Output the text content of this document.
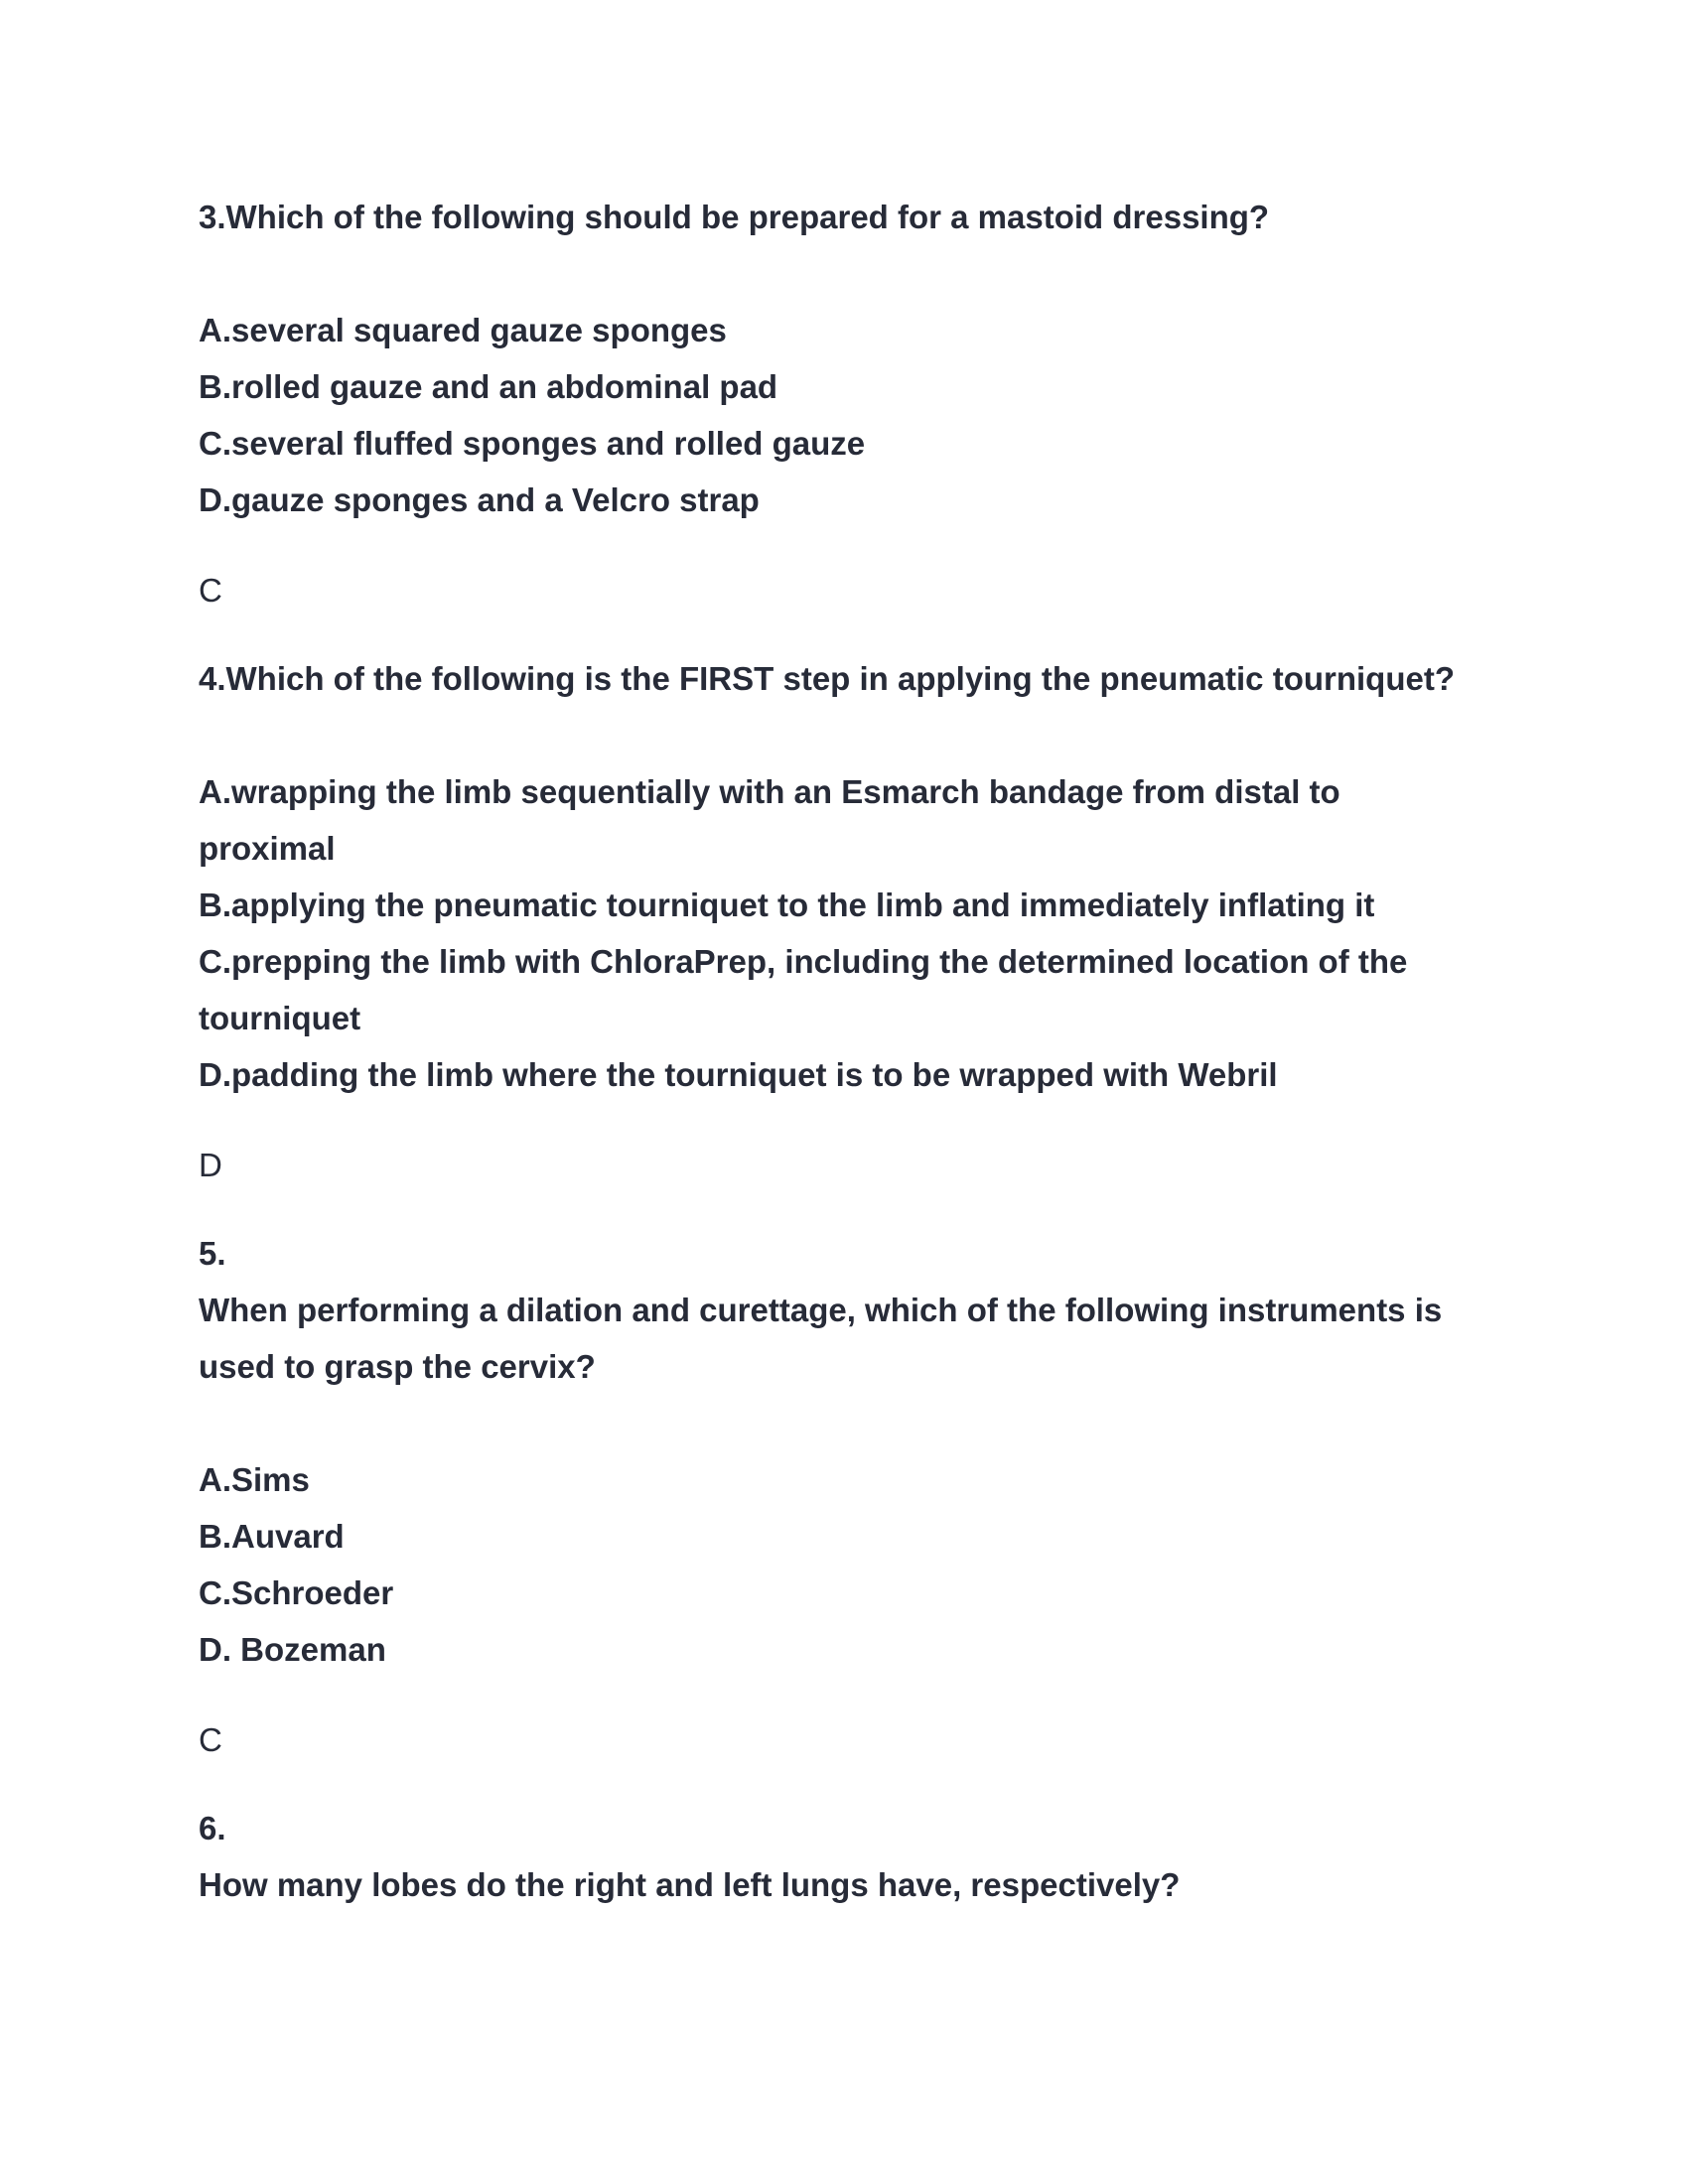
3.Which of the following should be prepared for a mastoid dressing?
A.several squared gauze sponges
B.rolled gauze and an abdominal pad
C.several fluffed sponges and rolled gauze
D.gauze sponges and a Velcro strap
C
4.Which of the following is the FIRST step in applying the pneumatic tourniquet?
A.wrapping the limb sequentially with an Esmarch bandage from distal to
proximal
B.applying the pneumatic tourniquet to the limb and immediately inflating it
C.prepping the limb with ChloraPrep, including the determined location of the
tourniquet
D.padding the limb where the tourniquet is to be wrapped with Webril
D
5.
When performing a dilation and curettage, which of the following instruments is
used to grasp the cervix?
A.Sims
B.Auvard
C.Schroeder
D. Bozeman
C
6.
How many lobes do the right and left lungs have, respectively?
